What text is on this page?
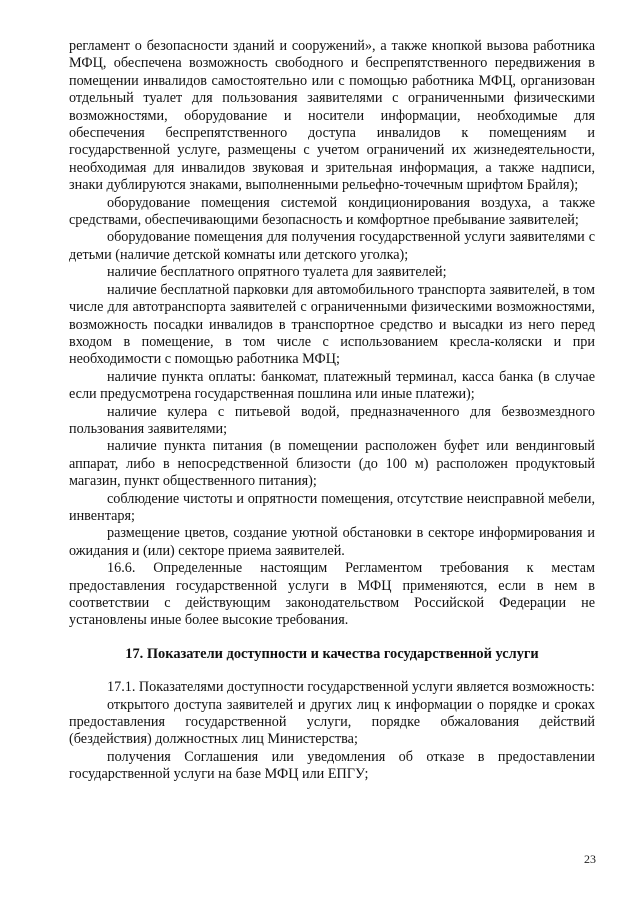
регламент о безопасности зданий и сооружений», а также кнопкой вызова работника МФЦ, обеспечена возможность свободного и беспрепятственного передвижения в помещении инвалидов самостоятельно или с помощью работника МФЦ, организован отдельный туалет для пользования заявителями с ограниченными физическими возможностями, оборудование и носители информации, необходимые для обеспечения беспрепятственного доступа инвалидов к помещениям и государственной услуге, размещены с учетом ограничений их жизнедеятельности, необходимая для инвалидов звуковая и зрительная информация, а также надписи, знаки дублируются знаками, выполненными рельефно-точечным шрифтом Брайля);

оборудование помещения системой кондиционирования воздуха, а также средствами, обеспечивающими безопасность и комфортное пребывание заявителей;

оборудование помещения для получения государственной услуги заявителями с детьми (наличие детской комнаты или детского уголка);

наличие бесплатного опрятного туалета для заявителей;

наличие бесплатной парковки для автомобильного транспорта заявителей, в том числе для автотранспорта заявителей с ограниченными физическими возможностями, возможность посадки инвалидов в транспортное средство и высадки из него перед входом в помещение, в том числе с использованием кресла-коляски и при необходимости с помощью работника МФЦ;

наличие пункта оплаты: банкомат, платежный терминал, касса банка (в случае если предусмотрена государственная пошлина или иные платежи);

наличие кулера с питьевой водой, предназначенного для безвозмездного пользования заявителями;

наличие пункта питания (в помещении расположен буфет или вендинговый аппарат, либо в непосредственной близости (до 100 м) расположен продуктовый магазин, пункт общественного питания);

соблюдение чистоты и опрятности помещения, отсутствие неисправной мебели, инвентаря;

размещение цветов, создание уютной обстановки в секторе информирования и ожидания и (или) секторе приема заявителей.

16.6. Определенные настоящим Регламентом требования к местам предоставления государственной услуги в МФЦ применяются, если в нем в соответствии с действующим законодательством Российской Федерации не установлены иные более высокие требования.

17. Показатели доступности и качества государственной услуги

17.1. Показателями доступности государственной услуги является возможность:

открытого доступа заявителей и других лиц к информации о порядке и сроках предоставления государственной услуги, порядке обжалования действий (бездействия) должностных лиц Министерства;

получения Соглашения или уведомления об отказе в предоставлении государственной услуги на базе МФЦ или ЕПГУ;

23
